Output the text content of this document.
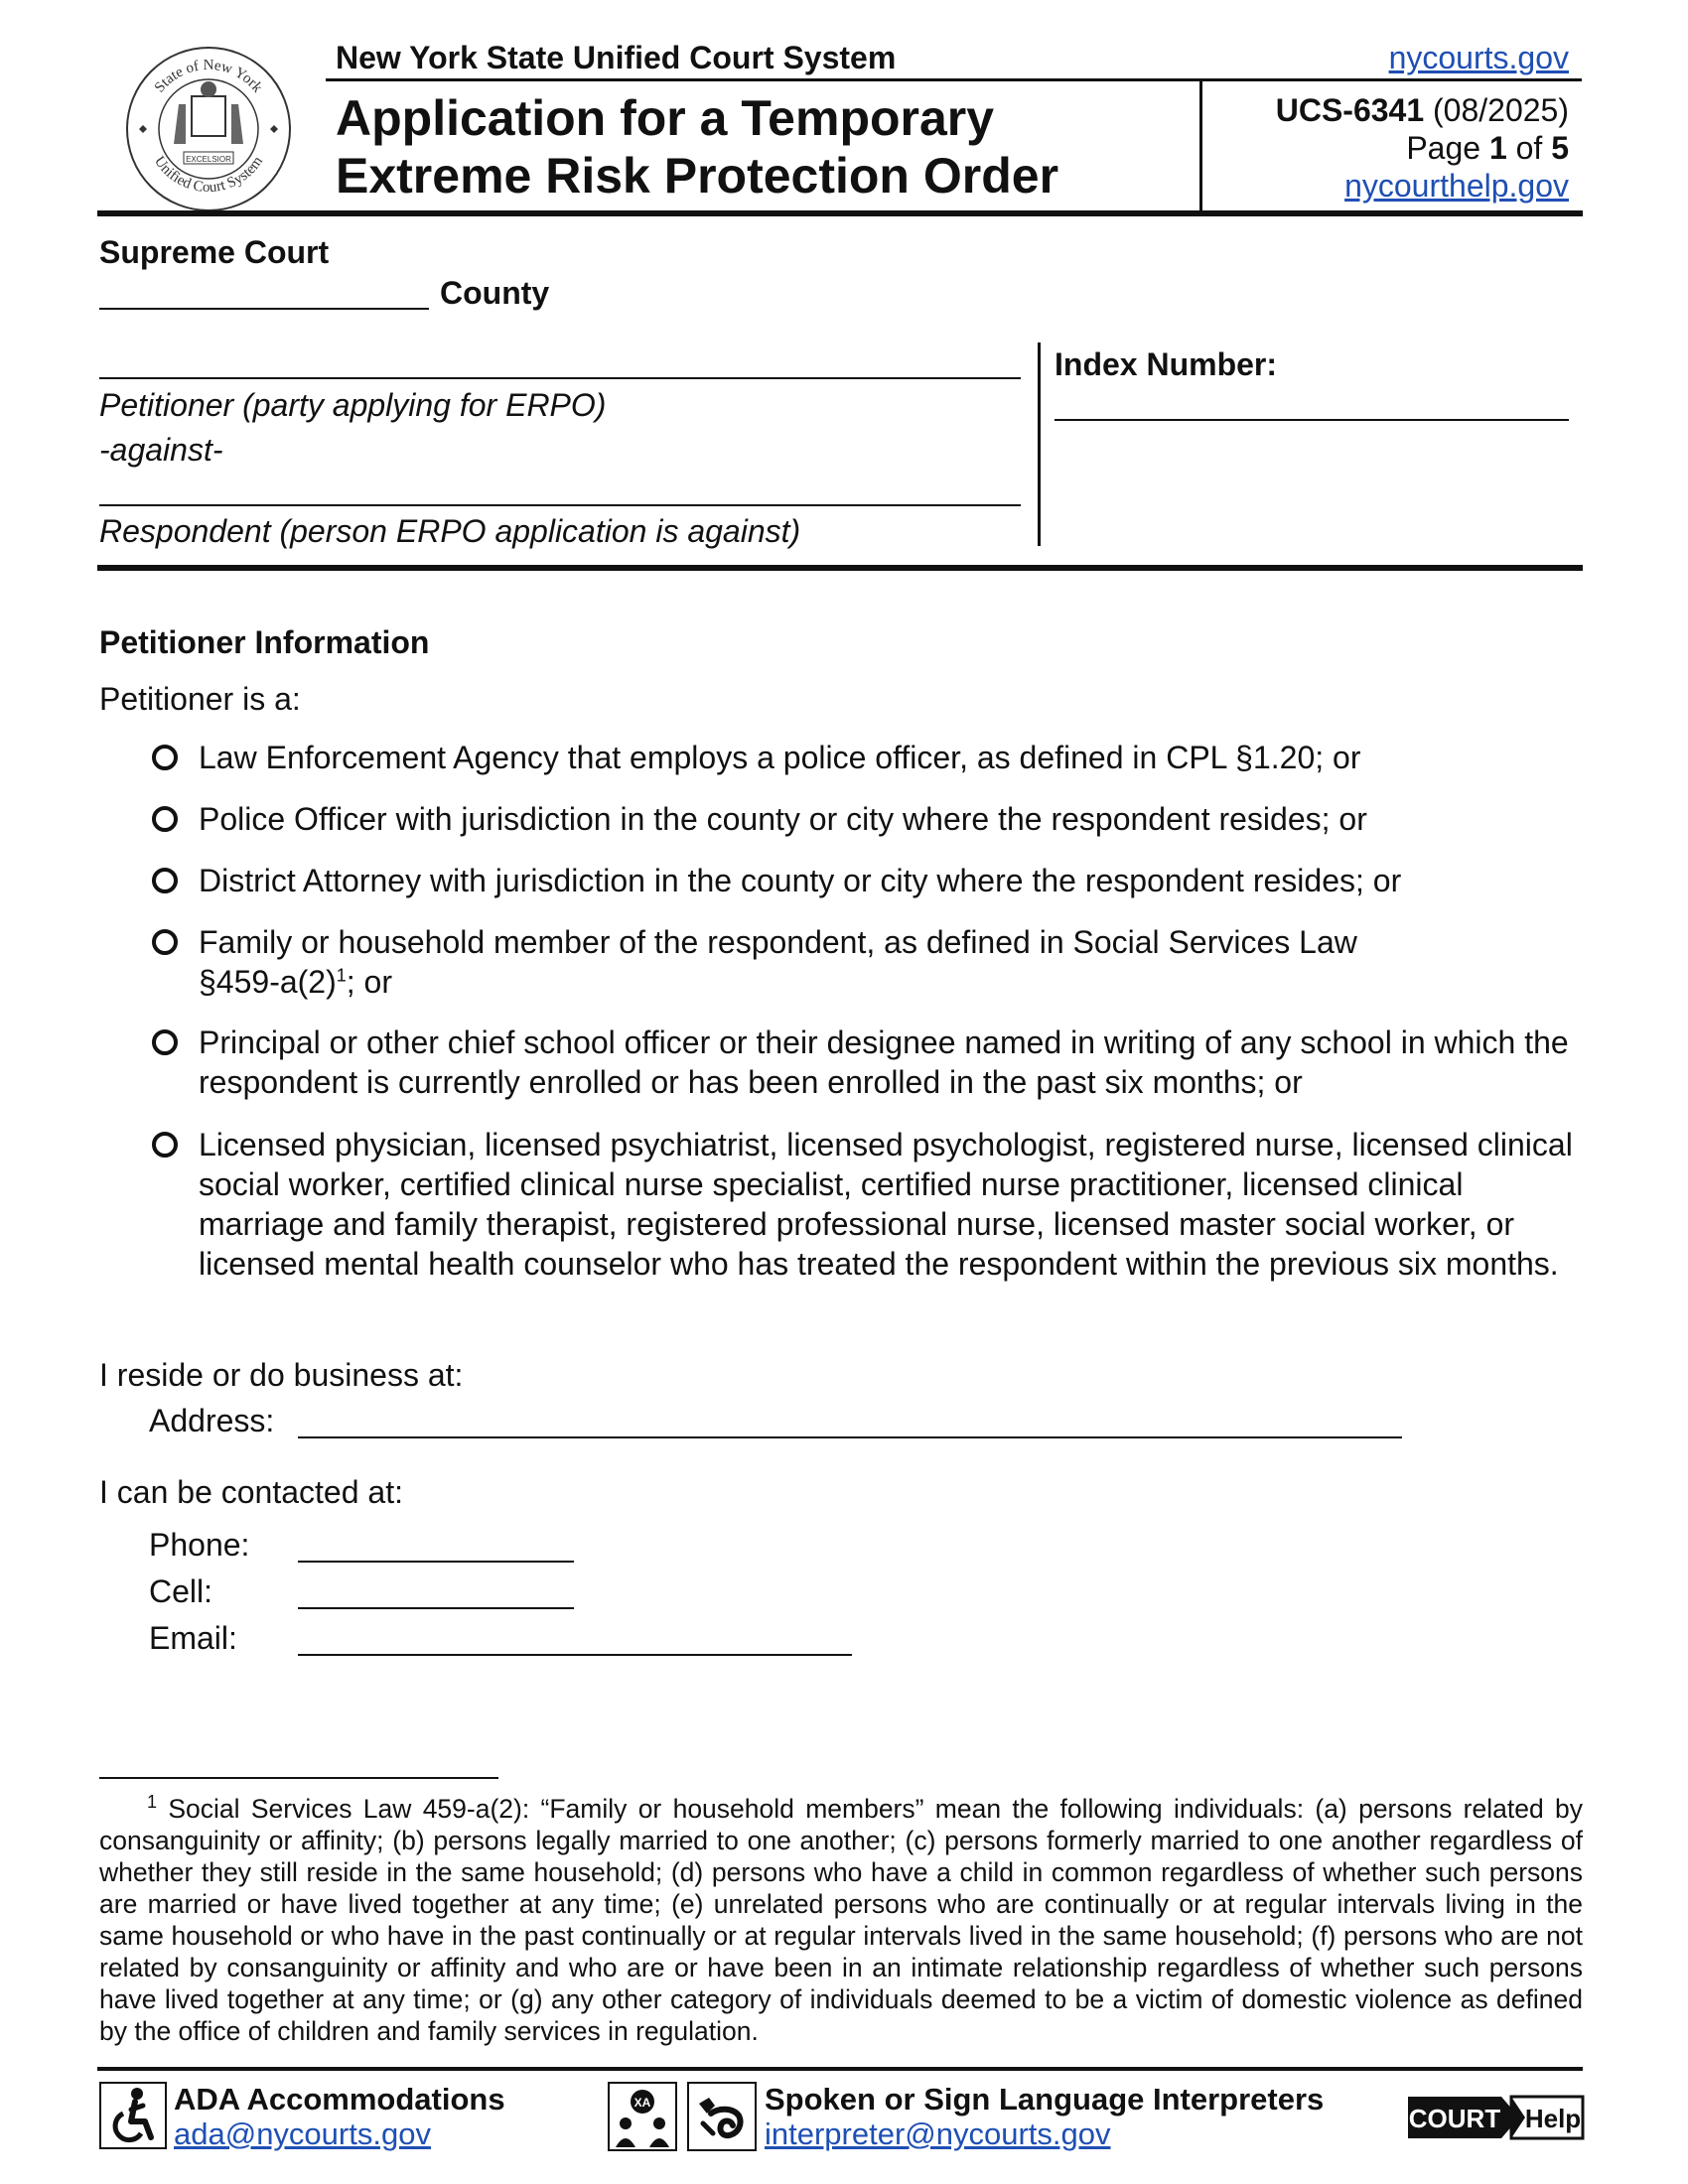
State of New York
Unified Court System
EXCELSIOR
New York State Unified Court System	nycourts.gov
Application for a Temporary
Extreme Risk Protection Order
UCS-6341 (08/2025)
Page 1 of 5
nycourthelp.gov
Supreme Court
County
Petitioner (party applying for ERPO)
-against-
Respondent (person ERPO application is against)
Index Number:
Petitioner Information
Petitioner is a:
Law Enforcement Agency that employs a police officer, as defined in CPL §1.20; or
Police Officer with jurisdiction in the county or city where the respondent resides; or
District Attorney with jurisdiction in the county or city where the respondent resides; or
Family or household member of the respondent, as defined in Social Services Law
$\S 459-a(2)^1$; or
Principal or other chief school officer or their designee named in writing of any school in which the respondent is currently enrolled or has been enrolled in the past six months; or
Licensed physician, licensed psychiatrist, licensed psychologist, registered nurse, licensed clinical social worker, certified clinical nurse specialist, certified nurse practitioner, licensed clinical marriage and family therapist, registered professional nurse, licensed master social worker, or licensed mental health counselor who has treated the respondent within the previous six months.
I reside or do business at:
Address:
I can be contacted at:
Phone:
Cell:
Email:
$^1$ Social Services Law 459-a(2): “Family or household members” mean the following individuals: (a) persons related by consanguinity or affinity; (b) persons legally married to one another; (c) persons formerly married to one another regardless of whether they still reside in the same household; (d) persons who have a child in common regardless of whether such persons are married or have lived together at any time; (e) unrelated persons who are continually or at regular intervals living in the same household or who have in the past continually or at regular intervals lived in the same household; (f) persons who are not related by consanguinity or affinity and who are or have been in an intimate relationship regardless of whether such persons have lived together at any time; or (g) any other category of individuals deemed to be a victim of domestic violence as defined by the office of children and family services in regulation.
ADA Accommodations
ada@nycourts.gov
XA	Spoken or Sign Language Interpreters
interpreter@nycourts.gov	COURT Help
